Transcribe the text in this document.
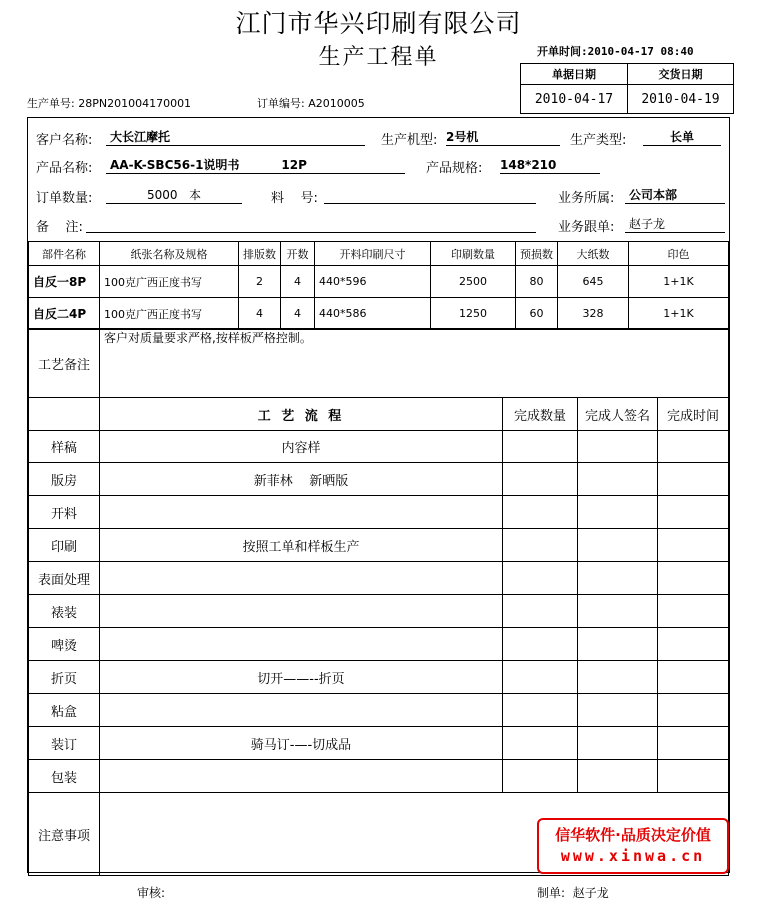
江门市华兴印刷有限公司
生产工程单	开单时间:2010-04-17 08:40
单据日期	交货日期
2010-04-17	2010-04-19
生产单号: 28PN201004170001	订单编号: A2010005
客户名称:	大长江摩托	生产机型: 2号机	生产类型:	长单
产品名称:	AA-K-SBC56-1说明书	12P	产品规格: 148*210
订单数量:	5000 本	料    号:	业务所属:	公司本部
备    注:	业务跟单:	赵子龙
部件名称	纸张名称及规格	排版数	开数	开料印刷尺寸	印刷数量	预损数	大纸数	印色
自反一8P	100克广西正度书写	2	4	440*596	2500	80	645	1+1K
自反二4P	100克广西正度书写	4	4	440*586	1250	60	328	1+1K
工艺备注	客户对质量要求严格,按样板严格控制。			
	工 艺 流 程	完成数量	完成人签名	完成时间
样稿	内容样			
版房	新菲林    新晒版			
开料				
印刷	按照工单和样板生产			
表面处理				
裱装				
啤烫				
折页	切开——--折页			
粘盒				
装订	骑马订-—-切成品			
包装				
注意事项					信华软件·品质决定价值
www.xinwa.cn
审核:	制单: 赵子龙
